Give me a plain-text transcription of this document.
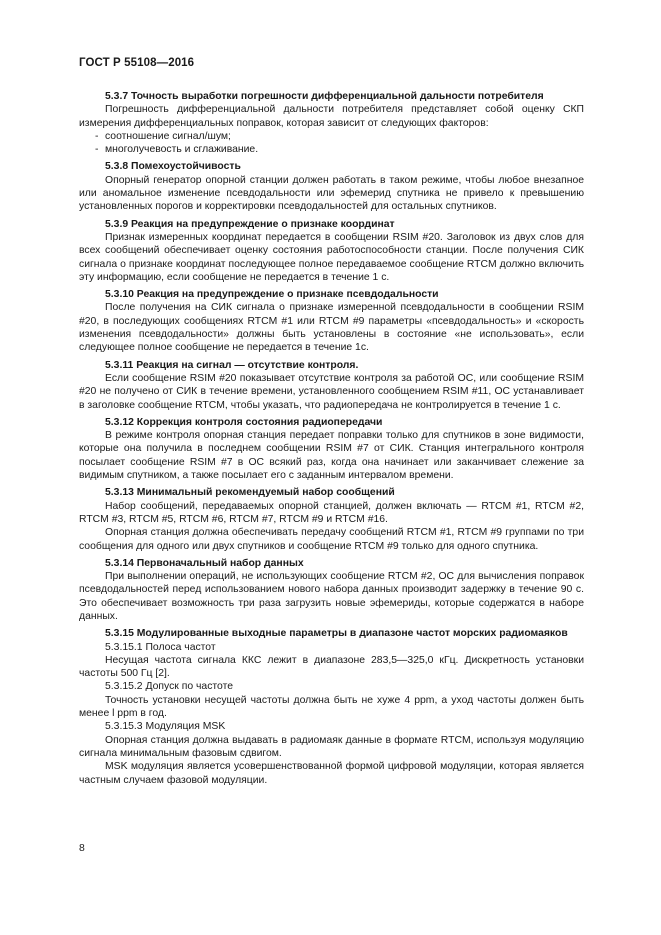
ГОСТ Р 55108—2016
5.3.7 Точность выработки погрешности дифференциальной дальности потребителя

Погрешность дифференциальной дальности потребителя представляет собой оценку СКП измерения дифференциальных поправок, которая зависит от следующих факторов:

- соотношение сигнал/шум;

- многолучевость и сглаживание.

5.3.8 Помехоустойчивость

Опорный генератор опорной станции должен работать в таком режиме, чтобы любое внезапное или аномальное изменение псевдодальности или эфемерид спутника не привело к превышению установленных порогов и корректировки псевдодальностей для остальных спутников.

5.3.9 Реакция на предупреждение о признаке координат

Признак измеренных координат передается в сообщении RSIM #20. Заголовок из двух слов для всех сообщений обеспечивает оценку состояния работоспособности станции. После получения СИК сигнала о признаке координат последующее полное передаваемое сообщение RTCM должно включить эту информацию, если сообщение не передается в течение 1 с.

5.3.10 Реакция на предупреждение о признаке псевдодальности

После получения на СИК сигнала о признаке измеренной псевдодальности в сообщении RSIM #20, в последующих сообщениях RTCM #1 или RTCM #9 параметры «псевдодальность» и «скорость изменения псевдодальности» должны быть установлены в состояние «не использовать», если следующее полное сообщение не передается в течение 1с.

5.3.11 Реакция на сигнал — отсутствие контроля.

Если сообщение RSIM #20 показывает отсутствие контроля за работой ОС, или сообщение RSIM #20 не получено от СИК в течение времени, установленного сообщением RSIM #11, ОС устанавливает в заголовке сообщение RTCM, чтобы указать, что радиопередача не контролируется в течение 1 с.

5.3.12 Коррекция контроля состояния радиопередачи

В режиме контроля опорная станция передает поправки только для спутников в зоне видимости, которые она получила в последнем сообщении RSIM #7 от СИК. Станция интегрального контроля посылает сообщение RSIM #7 в ОС всякий раз, когда она начинает или заканчивает слежение за видимым спутником, а также посылает его с заданным интервалом времени.

5.3.13 Минимальный рекомендуемый набор сообщений

Набор сообщений, передаваемых опорной станцией, должен включать — RTCM #1, RTCM #2, RTCM #3, RTCM #5, RTCM #6, RTCM #7, RTCM #9 и RTCM #16.

Опорная станция должна обеспечивать передачу сообщений RTCM #1, RTCM #9 группами по три сообщения для одного или двух спутников и сообщение RTCM #9 только для одного спутника.

5.3.14 Первоначальный набор данных

При выполнении операций, не использующих сообщение RTCM #2, ОС для вычисления поправок псевдодальностей перед использованием нового набора данных производит задержку в течение 90 с. Это обеспечивает возможность три раза загрузить новые эфемериды, которые содержатся в наборе данных.

5.3.15 Модулированные выходные параметры в диапазоне частот морских радиомаяков

5.3.15.1 Полоса частот

Несущая частота сигнала ККС лежит в диапазоне 283,5—325,0 кГц. Дискретность установки частоты 500 Гц [2].

5.3.15.2 Допуск по частоте

Точность установки несущей частоты должна быть не хуже 4 ppm, а уход частоты должен быть менее l ppm в год.

5.3.15.3 Модуляция MSK

Опорная станция должна выдавать в радиомаяк данные в формате RTCM, используя модуляцию сигнала минимальным фазовым сдвигом.

MSK модуляция является усовершенствованной формой цифровой модуляции, которая является частным случаем фазовой модуляции.

8
